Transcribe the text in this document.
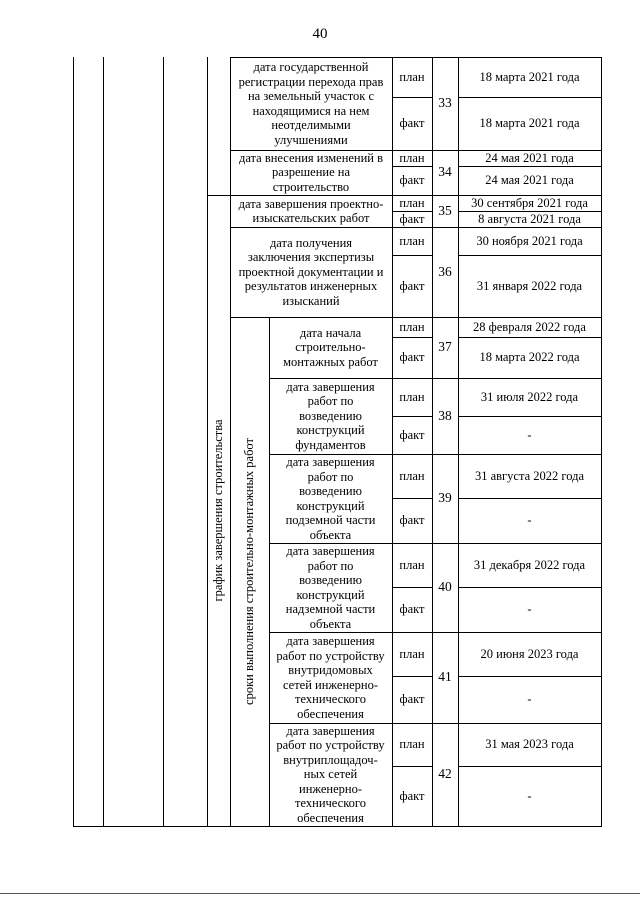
40
дата государственной
регистрации перехода прав
на земельный участок с
находящимися на нем
неотделимыми
улучшениями
план
факт
33
18 марта 2021 года
18 марта 2021 года
дата внесения изменений в
разрешение на
строительство
план
факт
34
24 мая 2021 года
24 мая 2021 года
дата завершения проектно-
изыскательских работ
план
факт
35	30 сентября 2021 года
8 августа 2021 года
дата получения
заключения экспертизы
проектной документации и
результатов инженерных
изысканий
план
факт
36
30 ноября 2021 года
31 января 2022 года
дата начала
строительно-
монтажных работ
план
факт
37
28 февраля 2022 года
18 марта 2022 года
дата завершения
работ по
возведению
конструкций
фундаментов
план
факт
38
31 июля 2022 года
-
дата завершения
работ по
возведению
конструкций
подземной части
объекта
план
факт
39
31 августа 2022 года
-
дата завершения
работ по
возведению
конструкций
надземной части
объекта
план
факт
40
31 декабря 2022 года
-
дата завершения
работ по устройству
внутридомовых
сетей инженерно-
технического
обеспечения
план
факт
41
20 июня 2023 года
-
дата завершения
работ по устройству
внутриплощадоч-
ных сетей
инженерно-
технического
обеспечения
план
факт
42
31 мая 2023 года
-
график завершения строительства сроки выполнения строительно-монтажных работ
